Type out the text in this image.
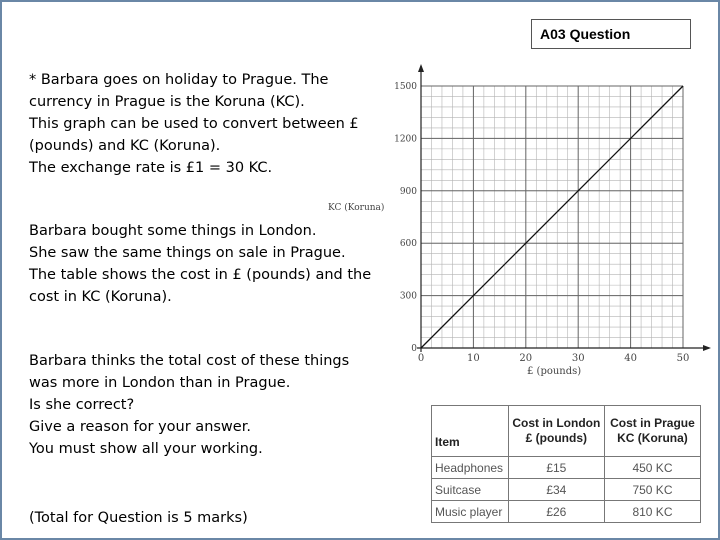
A03 Question
* Barbara goes on holiday to Prague. The
currency in Prague is the Koruna (KC).
This graph can be used to convert between £
(pounds) and KC (Koruna).
The exchange rate is £1 = 30 KC.
Barbara bought some things in London.
She saw the same things on sale in Prague.
The table shows the cost in £ (pounds) and the
cost in KC (Koruna).
Barbara thinks the total cost of these things
was more in London than in Prague.
Is she correct?
Give a reason for your answer.
You must show all your working.
(Total for Question is 5 marks)
0	10	20	30	40	50
0
300
600
900
1200
1500
KC (Koruna)
£ (pounds)
Item	Cost in London £ (pounds)	Cost in Prague KC (Koruna)
Headphones	£15	450 KC
Suitcase	£34	750 KC
Music player	£26	810 KC
